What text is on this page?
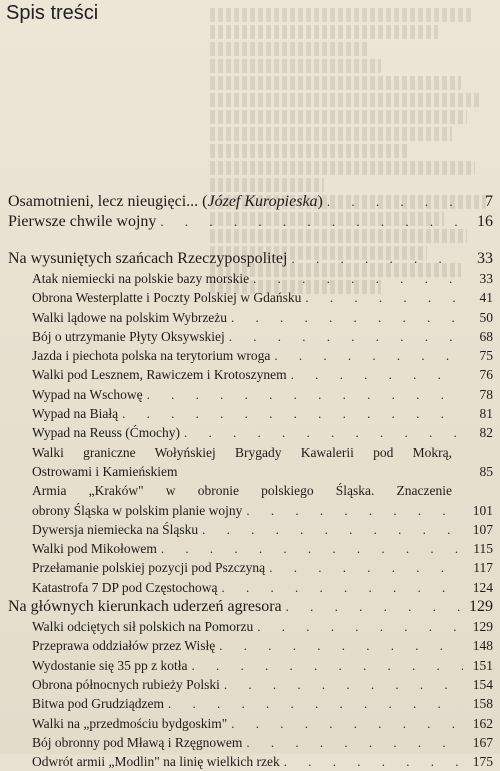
Spis treści
Osamotnieni, lecz nieugięci... (Józef Kuropieska) . . .	7
Pierwsze chwile wojny . . .	16
Na wysuniętych szańcach Rzeczypospolitej . . .	33
Atak niemiecki na polskie bazy morskie . . .	33
Obrona Westerplatte i Poczty Polskiej w Gdańsku . . .	41
Walki lądowe na polskim Wybrzeżu . . .	50
Bój o utrzymanie Płyty Oksywskiej . . .	68
Jazda i piechota polska na terytorium wroga . . .	75
Walki pod Lesznem, Rawiczem i Krotoszynem . . .	76
Wypad na Wschowę . . .	78
Wypad na Białą . . .	81
Wypad na Reuss (Ćmochy) . . .	82
Walki graniczne Wołyńskiej Brygady Kawalerii pod Mokrą,
Ostrowami i Kamieńskiem	85
Armia „Kraków" w obronie polskiego Śląska. Znaczenie
obrony Śląska w polskim planie wojny . . .	101
Dywersja niemiecka na Śląsku . . .	107
Walki pod Mikołowem . . .	115
Przełamanie polskiej pozycji pod Pszczyną . . .	117
Katastrofa 7 DP pod Częstochową . . .	124
Na głównych kierunkach uderzeń agresora . . .	129
Walki odciętych sił polskich na Pomorzu . . .	129
Przeprawa oddziałów przez Wisłę . . .	148
Wydostanie się 35 pp z kotła . . .	151
Obrona północnych rubieży Polski . . .	154
Bitwa pod Grudziądzem . . .	158
Walki na „przedmościu bydgoskim" . . .	162
Bój obronny pod Mławą i Rzęgnowem . . .	167
Odwrót armii „Modlin" na linię wielkich rzek . . .	175
